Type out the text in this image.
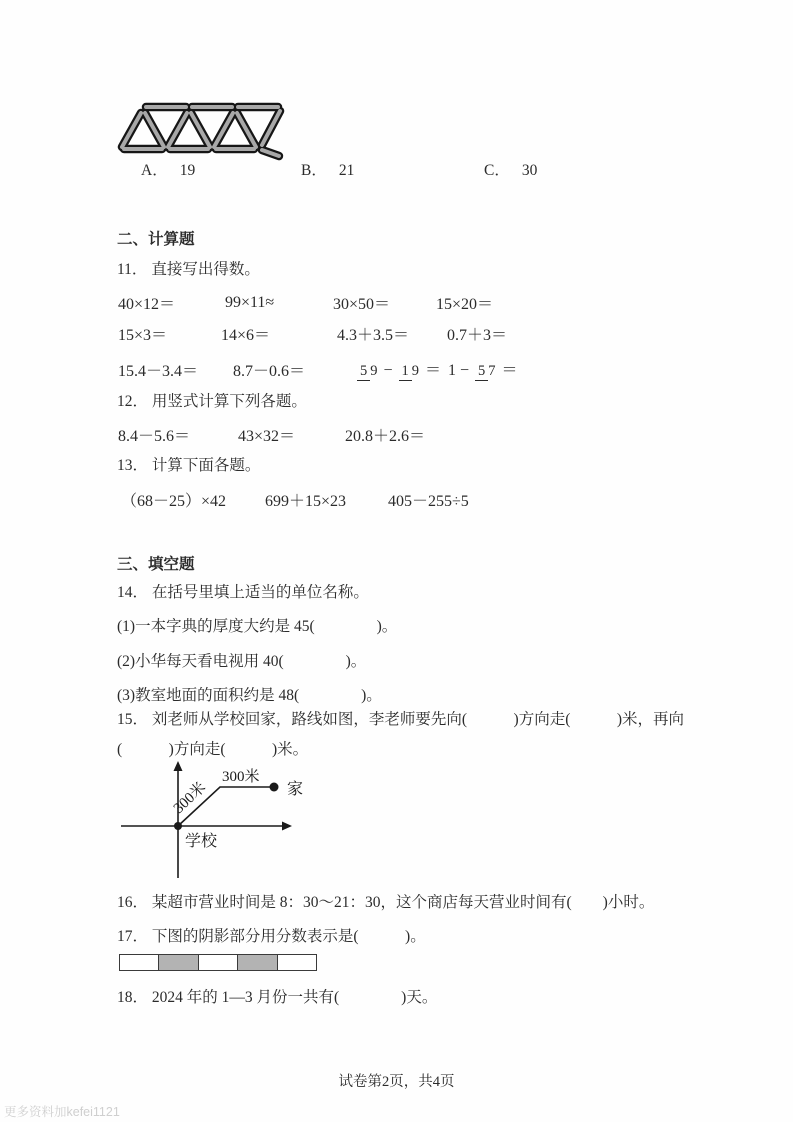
A． 19	B． 21	C． 30
二、计算题
11． 直接写出得数。
40×12＝	99×11≈	30×50＝	15×20＝
15×3＝	14×6＝	4.3＋3.5＝	0.7＋3＝
15.4－3.4＝	8.7－0.6＝	5 9 − 1 9 ＝ 1 − 5 7 ＝
12． 用竖式计算下列各题。
8.4－5.6＝	43×32＝	20.8＋2.6＝
13． 计算下面各题。
（68－25）×42	699＋15×23	405－255÷5
三、填空题
14． 在括号里填上适当的单位名称。
(1)一本字典的厚度大约是 45(　　　　)。
(2)小华每天看电视用 40(　　　　)。
(3)教室地面的面积约是 48(　　　　)。
15． 刘老师从学校回家，路线如图，李老师要先向(　　　)方向走(　　　)米，再向
(　　　)方向走(　　　)米。
300米
300米
家
学校
16． 某超市营业时间是 8：30～21：30，这个商店每天营业时间有(　　)小时。
17． 下图的阴影部分用分数表示是(　　　)。
18． 2024 年的 1—3 月份一共有(　　　　)天。
试卷第2页，共4页
更多资料加kefei1121
